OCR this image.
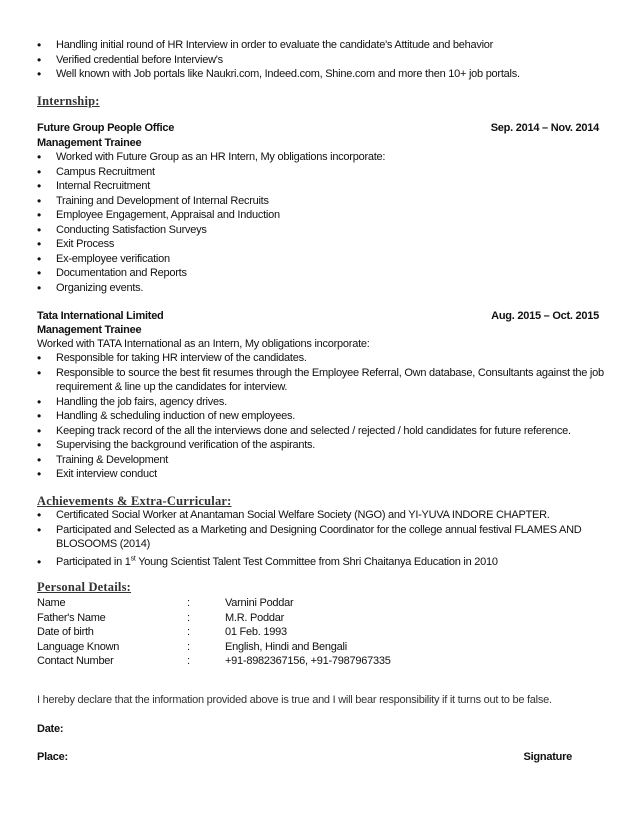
• Handling initial round of HR Interview in order to evaluate the candidate's Attitude and behavior
• Verified credential before Interview's
• Well known with Job portals like Naukri.com, Indeed.com, Shine.com and more then 10+ job portals.
Internship:
Future Group People Office	Sep. 2014 – Nov. 2014
Management Trainee
• Worked with Future Group as an HR Intern, My obligations incorporate:
• Campus Recruitment
• Internal Recruitment
• Training and Development of Internal Recruits
• Employee Engagement, Appraisal and Induction
• Conducting Satisfaction Surveys
• Exit Process
• Ex-employee verification
• Documentation and Reports
• Organizing events.
Tata International Limited	Aug. 2015 – Oct. 2015
Management Trainee
Worked with TATA International as an Intern, My obligations incorporate:
• Responsible for taking HR interview of the candidates.
• Responsible to source the best fit resumes through the Employee Referral, Own database, Consultants against the job requirement & line up the candidates for interview.
• Handling the job fairs, agency drives.
• Handling & scheduling induction of new employees.
• Keeping track record of the all the interviews done and selected / rejected / hold candidates for future reference.
• Supervising the background verification of the aspirants.
• Training & Development
• Exit interview conduct
Achievements & Extra-Curricular:
• Certificated Social Worker at Anantaman Social Welfare Society (NGO) and YI-YUVA INDORE CHAPTER.
• Participated and Selected as a Marketing and Designing Coordinator for the college annual festival FLAMES AND BLOSOOMS (2014)
• Participated in 1st Young Scientist Talent Test Committee from Shri Chaitanya Education in 2010
Personal Details:
Name	:	Varnini Poddar
Father's Name	:	M.R. Poddar
Date of birth	:	01 Feb. 1993
Language Known	:	English, Hindi and Bengali
Contact Number	:	+91-8982367156, +91-7987967335
I hereby declare that the information provided above is true and I will bear responsibility if it turns out to be false.
Date:
Place:	Signature
